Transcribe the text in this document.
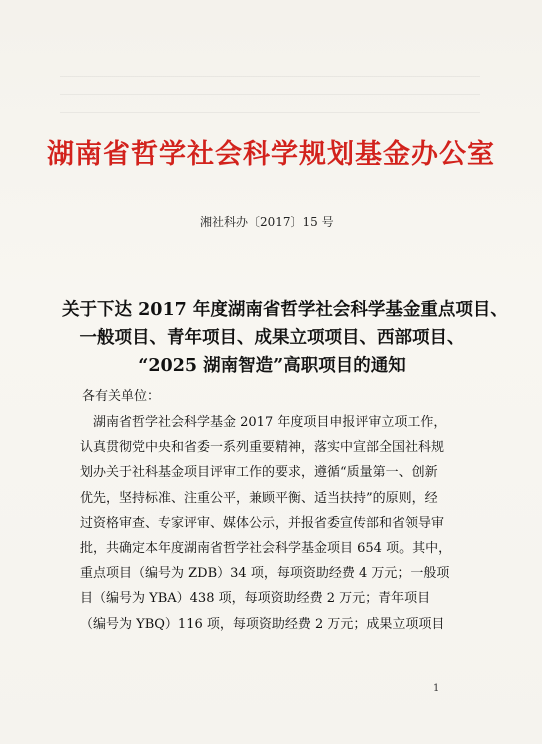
湖南省哲学社会科学规划基金办公室
湘社科办〔2017〕15 号
关于下达 2017 年度湖南省哲学社会科学基金重点项目、
一般项目、青年项目、成果立项项目、西部项目、
“2025 湖南智造”高职项目的通知
各有关单位：
　湖南省哲学社会科学基金 2017 年度项目申报评审立项工作，
认真贯彻党中央和省委一系列重要精神，落实中宣部全国社科规
划办关于社科基金项目评审工作的要求，遵循“质量第一、创新
优先，坚持标准、注重公平，兼顾平衡、适当扶持”的原则，经
过资格审查、专家评审、媒体公示，并报省委宣传部和省领导审
批，共确定本年度湖南省哲学社会科学基金项目 654 项。其中，
重点项目（编号为 ZDB）34 项，每项资助经费 4 万元；一般项
目（编号为 YBA）438 项，每项资助经费 2 万元；青年项目
（编号为 YBQ）116 项，每项资助经费 2 万元；成果立项项目
1
